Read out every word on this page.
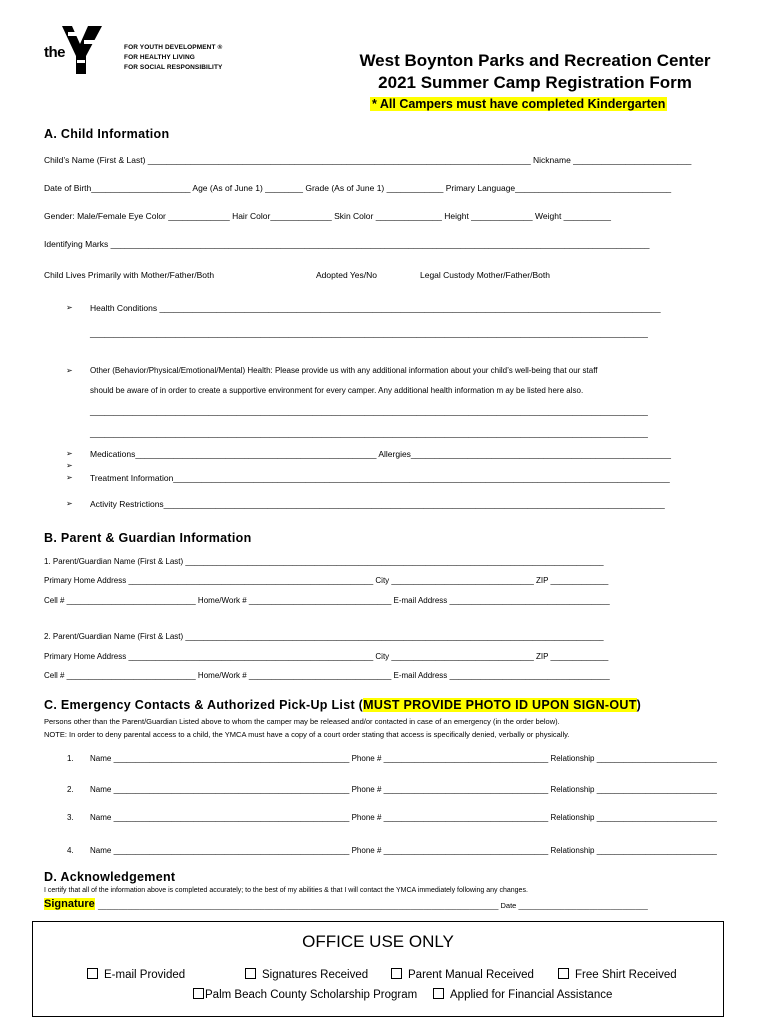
the	FOR YOUTH DEVELOPMENT ®
FOR HEALTHY LIVING
FOR SOCIAL RESPONSIBILITY	West Boynton Parks and Recreation Center
2021 Summer Camp Registration Form
* All Campers must have completed Kindergarten
A. Child Information
Child’s Name (First & Last) _________________________________________________________________________________ Nickname _________________________
Date of Birth_____________________ Age (As of June 1) ________ Grade (As of June 1) ____________ Primary Language_________________________________
Gender: Male/Female Eye Color _____________ Hair Color_____________ Skin Color ______________ Height _____________ Weight __________
Identifying Marks __________________________________________________________________________________________________________________
Child Lives Primarily with Mother/Father/Both	Adopted Yes/No	Legal Custody Mother/Father/Both
➢ Health Conditions __________________________________________________________________________________________________________
______________________________________________________________________________________________________________________
➢ Other (Behavior/Physical/Emotional/Mental) Health: Please provide us with any additional information about your child’s well-being that our staff
should be aware of in order to create a supportive environment for every camper. Any additional health information m ay be listed here also.
______________________________________________________________________________________________________________________
______________________________________________________________________________________________________________________
➢
➢
➢
Medications___________________________________________________ Allergies_______________________________________________________
Treatment Information_________________________________________________________________________________________________________
➢ Activity Restrictions__________________________________________________________________________________________________________
B. Parent & Guardian Information
1. Parent/Guardian Name (First & Last) ______________________________________________________________________________________________
Primary Home Address _______________________________________________________ City ________________________________ ZIP _____________
Cell # _____________________________ Home/Work # ________________________________ E-mail Address ____________________________________
2. Parent/Guardian Name (First & Last) ______________________________________________________________________________________________
Primary Home Address _______________________________________________________ City ________________________________ ZIP _____________
Cell # _____________________________ Home/Work # ________________________________ E-mail Address ____________________________________
C. Emergency Contacts & Authorized Pick-Up List (MUST PROVIDE PHOTO ID UPON SIGN-OUT)
Persons other than the Parent/Guardian Listed above to whom the camper may be released and/or contacted in case of an emergency (in the order below).
NOTE: In order to deny parental access to a child, the YMCA must have a copy of a court order stating that access is specifically denied, verbally or physically.
1. Name _____________________________________________________ Phone # _____________________________________ Relationship ___________________________
2. Name _____________________________________________________ Phone # _____________________________________ Relationship ___________________________
3. Name _____________________________________________________ Phone # _____________________________________ Relationship ___________________________
4. Name _____________________________________________________ Phone # _____________________________________ Relationship ___________________________
D. Acknowledgement
I certify that all of the information above is completed accurately; to the best of my abilities & that I will contact the YMCA immediately following any changes.
Signature ________________________________________________________________________________________________ Date _______________________________
OFFICE USE ONLY
E-mail Provided	Signatures Received	Parent Manual Received	Free Shirt Received
Palm Beach County Scholarship Program	Applied for Financial Assistance
